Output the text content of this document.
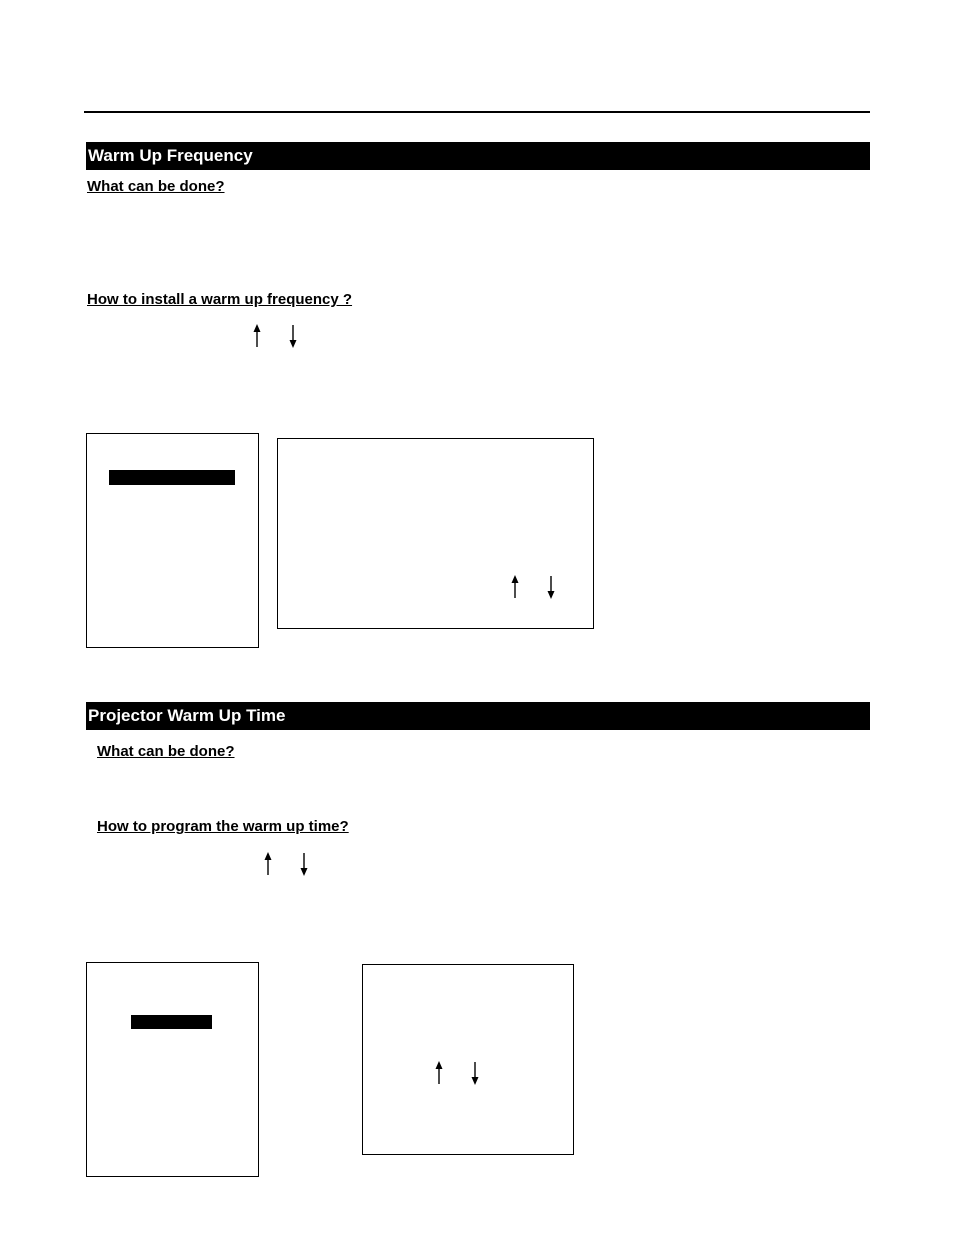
Warm Up Frequency
What can be done?
How to install a warm up frequency ?
Projector Warm Up Time
What can be done?
How to program the warm up time?
